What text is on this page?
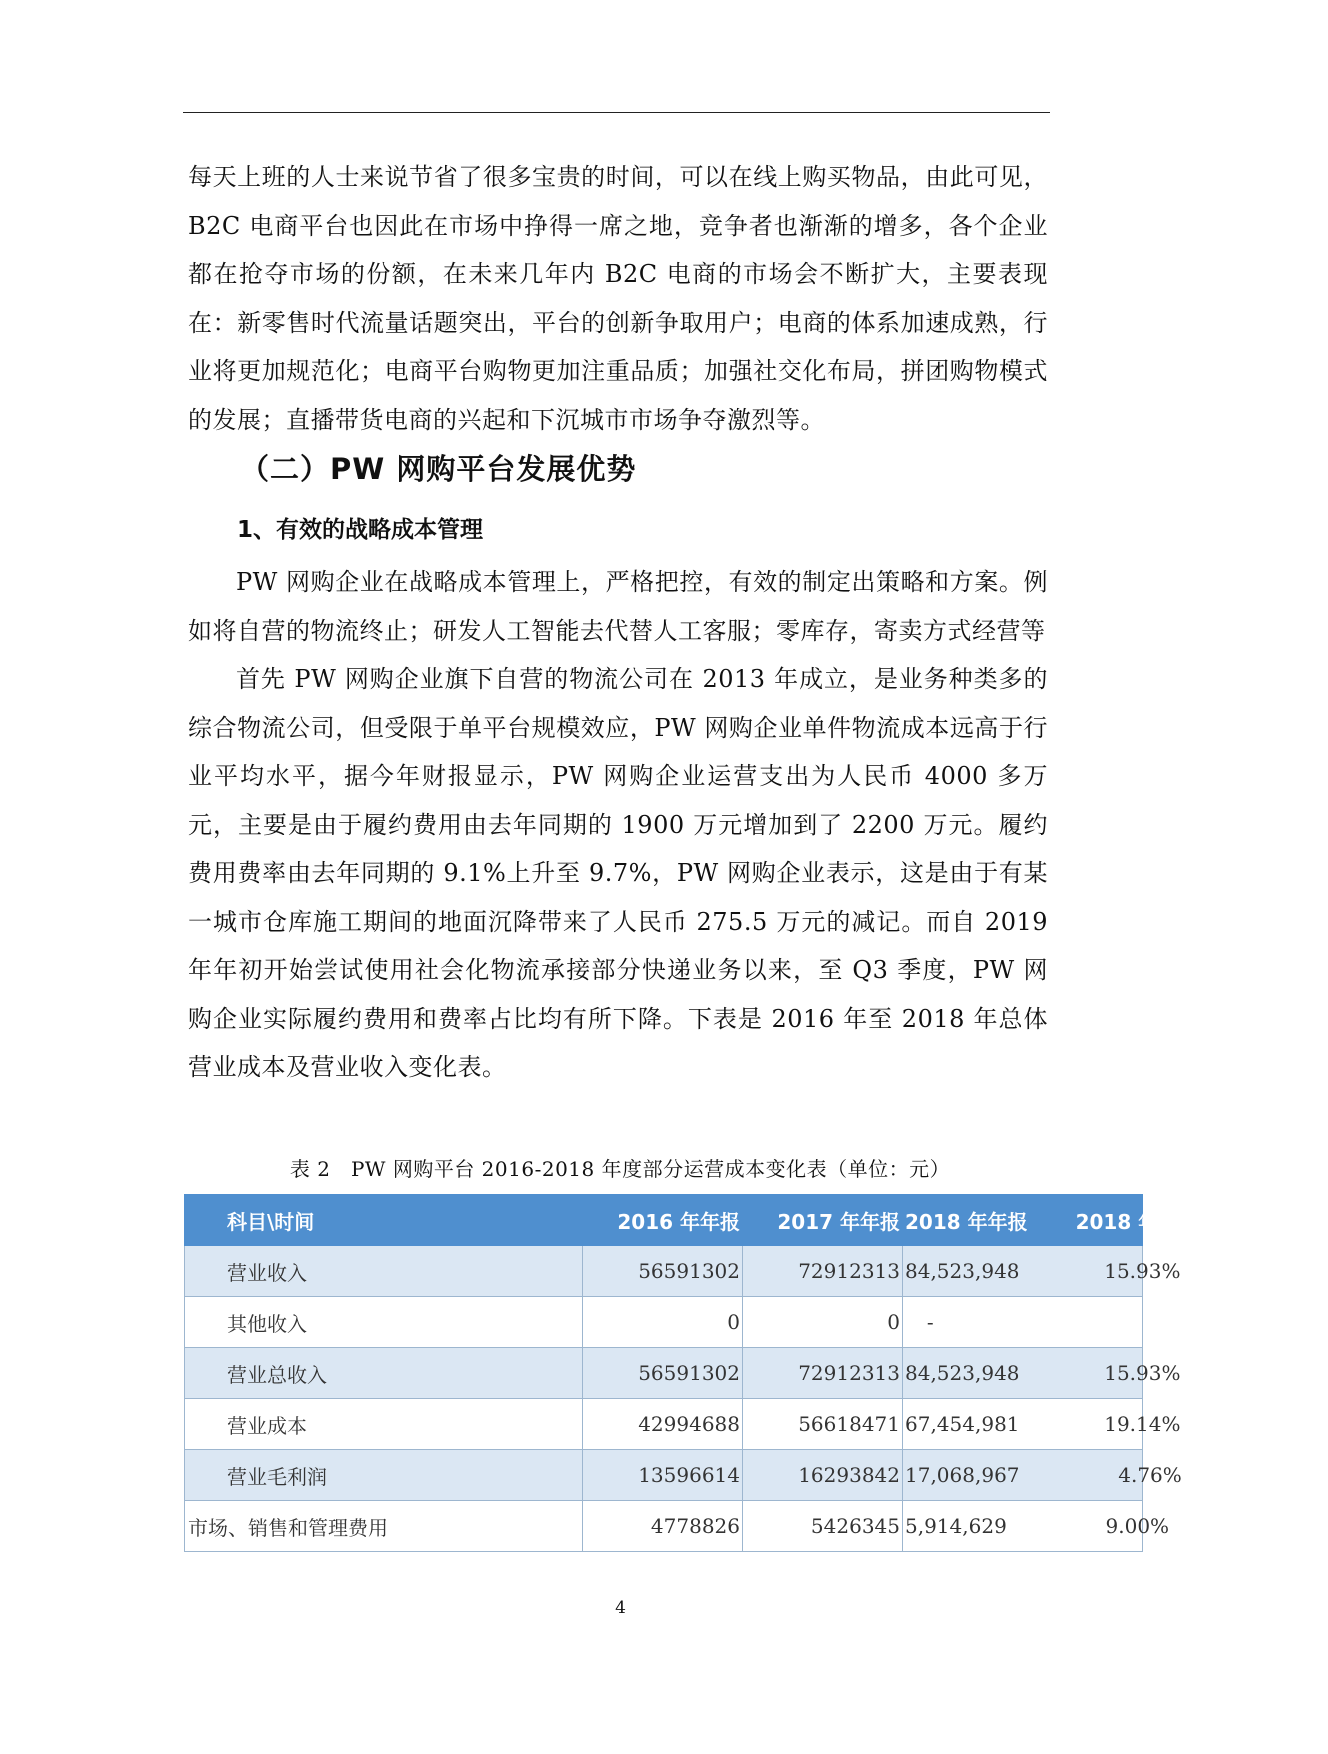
每天上班的人士来说节省了很多宝贵的时间，可以在线上购买物品，由此可见，B2C 电商平台也因此在市场中挣得一席之地，竞争者也渐渐的增多，各个企业都在抢夺市场的份额，在未来几年内 B2C 电商的市场会不断扩大，主要表现在：新零售时代流量话题突出，平台的创新争取用户；电商的体系加速成熟，行业将更加规范化；电商平台购物更加注重品质；加强社交化布局，拼团购物模式的发展；直播带货电商的兴起和下沉城市市场争夺激烈等。

（二）PW 网购平台发展优势
1、有效的战略成本管理

PW 网购企业在战略成本管理上，严格把控，有效的制定出策略和方案。例如将自营的物流终止；研发人工智能去代替人工客服；零库存，寄卖方式经营等

首先 PW 网购企业旗下自营的物流公司在 2013 年成立，是业务种类多的综合物流公司，但受限于单平台规模效应，PW 网购企业单件物流成本远高于行业平均水平，据今年财报显示，PW 网购企业运营支出为人民币 4000 多万元，主要是由于履约费用由去年同期的 1900 万元增加到了 2200 万元。履约费用费率由去年同期的 9.1%上升至 9.7%，PW 网购企业表示，这是由于有某一城市仓库施工期间的地面沉降带来了人民币 275.5 万元的减记。而自 2019 年年初开始尝试使用社会化物流承接部分快递业务以来，至 Q3 季度，PW 网购企业实际履约费用和费率占比均有所下降。下表是 2016 年至 2018 年总体营业成本及营业收入变化表。

表 2　PW 网购平台 2016-2018 年度部分运营成本变化表（单位：元）
科目\时间	2016 年年报	2017 年年报	2018 年年报 2018 年对 2017 年增长率
营业收入	56591302	72912313	84,523,948 15.93%
其他收入	0	0	-
营业总收入	56591302	72912313	84,523,948 15.93%
营业成本	42994688	56618471	67,454,981 19.14%
营业毛利润	13596614	16293842	17,068,967 4.76%
市场、销售和管理费用	4778826	5426345	5,914,629 9.00%
4
